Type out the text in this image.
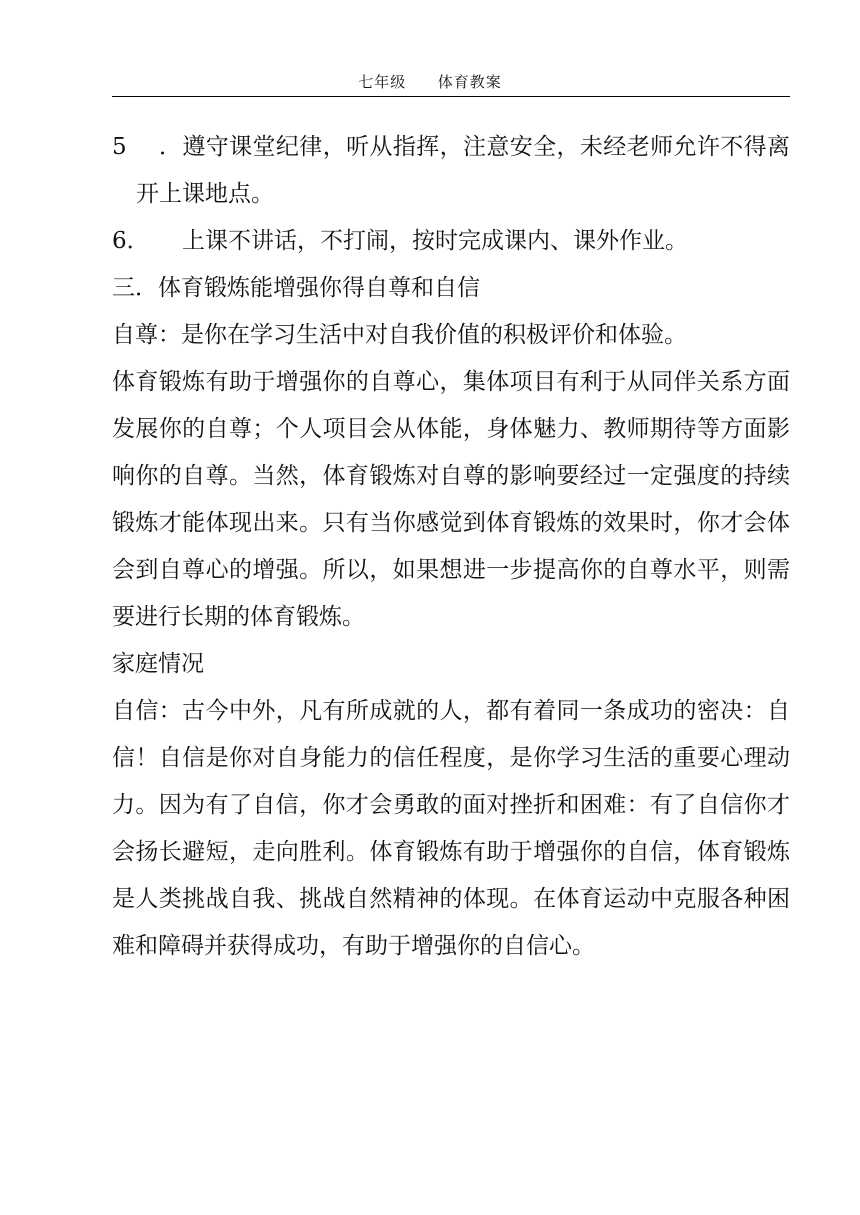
七年级 体育教案
5．遵守课堂纪律，听从指挥，注意安全，未经老师允许不得离
开上课地点。
6． 上课不讲话，不打闹，按时完成课内、课外作业。
三．体育锻炼能增强你得自尊和自信
自尊：是你在学习生活中对自我价值的积极评价和体验。
体育锻炼有助于增强你的自尊心，集体项目有利于从同伴关系方面
发展你的自尊；个人项目会从体能，身体魅力、教师期待等方面影
响你的自尊。当然，体育锻炼对自尊的影响要经过一定强度的持续
锻炼才能体现出来。只有当你感觉到体育锻炼的效果时，你才会体
会到自尊心的增强。所以，如果想进一步提高你的自尊水平，则需
要进行长期的体育锻炼。
家庭情况
自信：古今中外，凡有所成就的人，都有着同一条成功的密决：自
信！自信是你对自身能力的信任程度，是你学习生活的重要心理动
力。因为有了自信，你才会勇敢的面对挫折和困难：有了自信你才
会扬长避短，走向胜利。体育锻炼有助于增强你的自信，体育锻炼
是人类挑战自我、挑战自然精神的体现。在体育运动中克服各种困
难和障碍并获得成功，有助于增强你的自信心。
